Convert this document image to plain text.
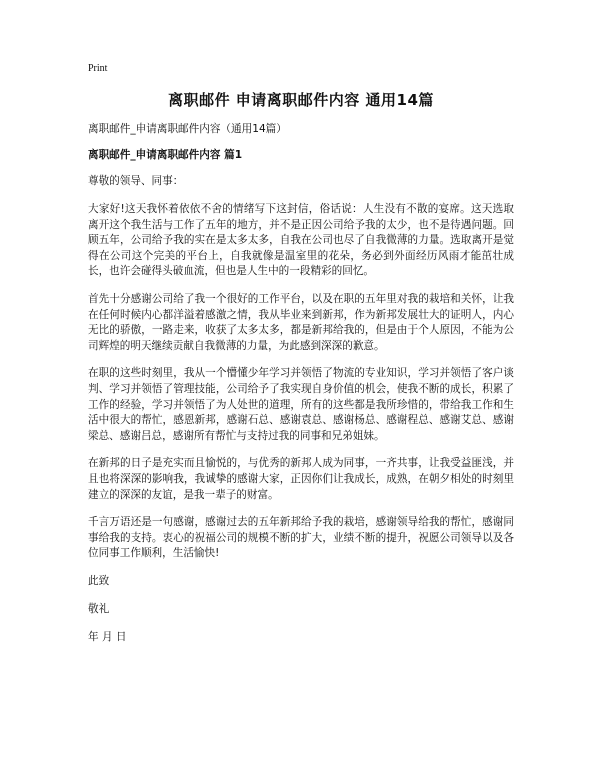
Print
离职邮件 申请离职邮件内容 通用14篇
离职邮件_申请离职邮件内容（通用14篇）
离职邮件_申请离职邮件内容 篇1
尊敬的领导、同事：

大家好!这天我怀着依依不舍的情绪写下这封信，俗话说：人生没有不散的宴席。这天选取离开这个我生活与工作了五年的地方，并不是正因公司给予我的太少，也不是待遇问题。回顾五年，公司给予我的实在是太多太多，自我在公司也尽了自我微薄的力量。选取离开是觉得在公司这个完美的平台上，自我就像是温室里的花朵，务必到外面经历风雨才能茁壮成长，也许会碰得头破血流，但也是人生中的一段精彩的回忆。

首先十分感谢公司给了我一个很好的工作平台，以及在职的五年里对我的栽培和关怀，让我在任何时候内心都洋溢着感激之情，我从毕业来到新邦，作为新邦发展壮大的证明人，内心无比的骄傲，一路走来，收获了太多太多，都是新邦给我的，但是由于个人原因，不能为公司辉煌的明天继续贡献自我微薄的力量，为此感到深深的歉意。

在职的这些时刻里，我从一个懵懂少年学习并领悟了物流的专业知识，学习并领悟了客户谈判、学习并领悟了管理技能，公司给予了我实现自身价值的机会，使我不断的成长，积累了工作的经验，学习并领悟了为人处世的道理，所有的这些都是我所珍惜的，带给我工作和生活中很大的帮忙，感恩新邦，感谢石总、感谢袁总、感谢杨总、感谢程总、感谢艾总、感谢梁总、感谢吕总，感谢所有帮忙与支持过我的同事和兄弟姐妹。

在新邦的日子是充实而且愉悦的，与优秀的新邦人成为同事，一齐共事，让我受益匪浅，并且也将深深的影响我，我诚挚的感谢大家，正因你们让我成长，成熟，在朝夕相处的时刻里建立的深深的友谊，是我一辈子的财富。

千言万语还是一句感谢，感谢过去的五年新邦给予我的栽培，感谢领导给我的帮忙，感谢同事给我的支持。衷心的祝福公司的规模不断的扩大，业绩不断的提升，祝愿公司领导以及各位同事工作顺利，生活愉快!

此致
敬礼
年 月 日
